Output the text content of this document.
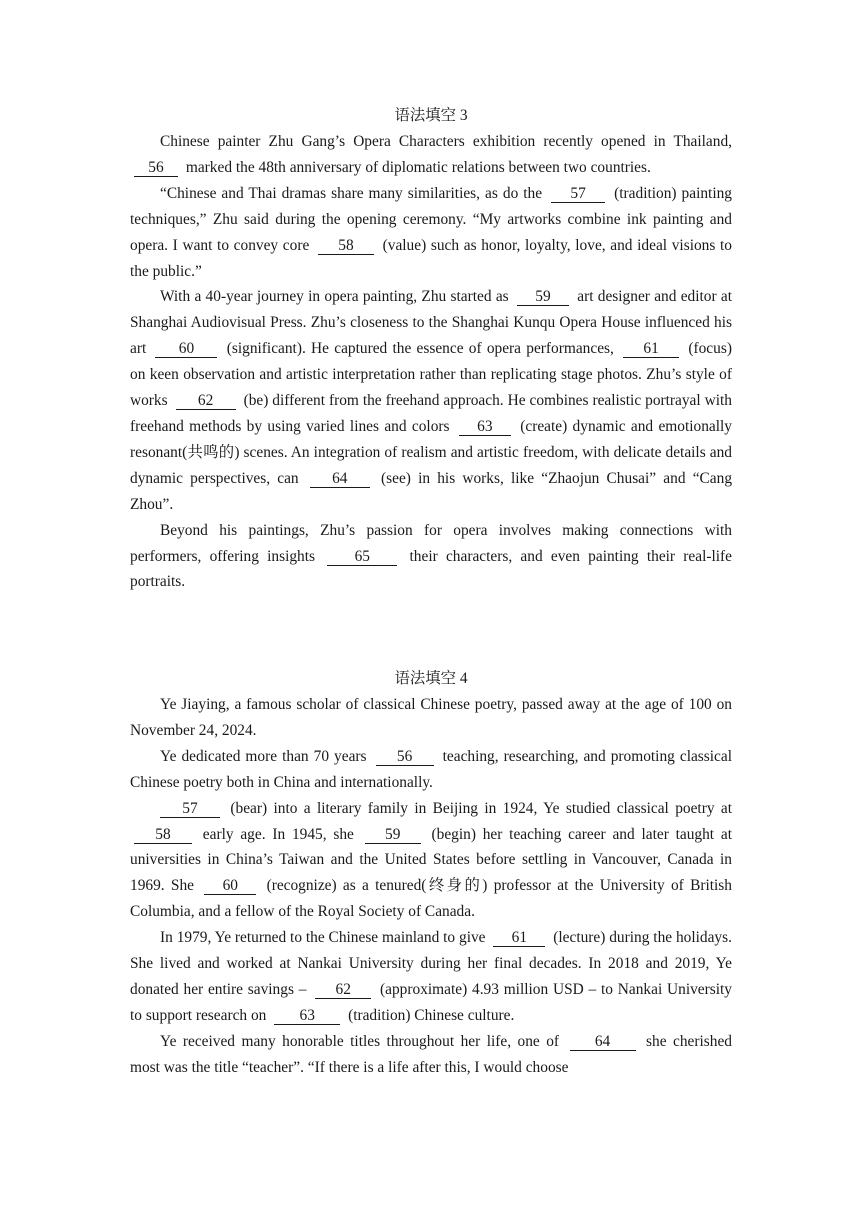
语法填空 3

Chinese painter Zhu Gang’s Opera Characters exhibition recently opened in Thailand, 56 marked the 48th anniversary of diplomatic relations between two countries.

“Chinese and Thai dramas share many similarities, as do the 57 (tradition) painting techniques,” Zhu said during the opening ceremony. “My artworks combine ink painting and opera. I want to convey core 58 (value) such as honor, loyalty, love, and ideal visions to the public.”

With a 40-year journey in opera painting, Zhu started as 59 art designer and editor at Shanghai Audiovisual Press. Zhu’s closeness to the Shanghai Kunqu Opera House influenced his art 60 (significant). He captured the essence of opera performances, 61 (focus) on keen observation and artistic interpretation rather than replicating stage photos. Zhu’s style of works 62 (be) different from the freehand approach. He combines realistic portrayal with freehand methods by using varied lines and colors 63 (create) dynamic and emotionally resonant(共鸣的) scenes. An integration of realism and artistic freedom, with delicate details and dynamic perspectives, can 64 (see) in his works, like “Zhaojun Chusai” and “Cang Zhou”.

Beyond his paintings, Zhu’s passion for opera involves making connections with performers, offering insights	65	their characters, and even painting their real-life portraits.

语法填空 4

Ye Jiaying, a famous scholar of classical Chinese poetry, passed away at the age of 100 on November 24, 2024.

Ye dedicated more than 70 years 56 teaching, researching, and promoting classical Chinese poetry both in China and internationally.

57 (bear) into a literary family in Beijing in 1924, Ye studied classical poetry at 58 early age. In 1945, she 59 (begin) her teaching career and later taught at universities in China’s Taiwan and the United States before settling in Vancouver, Canada in 1969. She 60 (recognize) as a tenured(终身的) professor at the University of British Columbia, and a fellow of the Royal Society of Canada.

In 1979, Ye returned to the Chinese mainland to give 61 (lecture) during the holidays. She lived and worked at Nankai University during her final decades. In 2018 and 2019, Ye donated her entire savings – 62 (approximate) 4.93 million USD – to Nankai University to support research on 63 (tradition) Chinese culture.

Ye received many honorable titles throughout her life, one of 64 she cherished most was the title “teacher”. “If there is a life after this, I would choose
